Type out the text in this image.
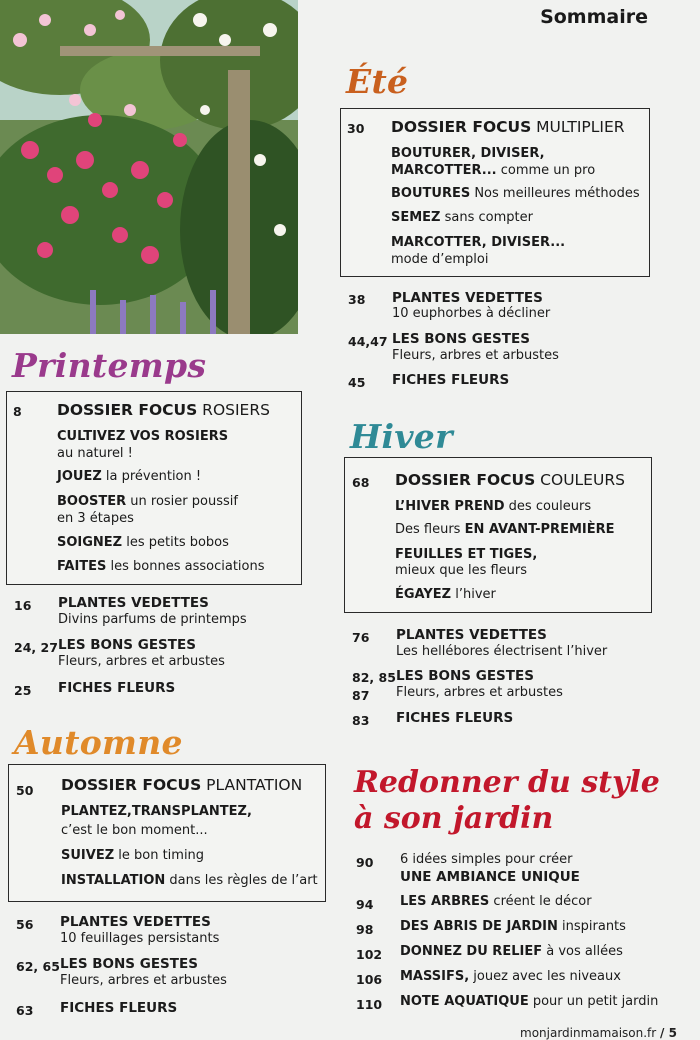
Sommaire
Été
30 DOSSIER FOCUS MULTIPLIER
BOUTURER, DIVISER,
MARCOTTER... comme un pro
BOUTURES Nos meilleures méthodes
SEMEZ sans compter
MARCOTTER, DIVISER...
mode d’emploi
38 PLANTES VEDETTES
10 euphorbes à décliner
44,47 LES BONS GESTES
Fleurs, arbres et arbustes
45 FICHES FLEURS
Printemps
8 DOSSIER FOCUS ROSIERS
CULTIVEZ VOS ROSIERS
au naturel !
JOUEZ la prévention !
BOOSTER un rosier poussif
en 3 étapes
SOIGNEZ les petits bobos
FAITES les bonnes associations
16 PLANTES VEDETTES
Divins parfums de printemps
24, 27 LES BONS GESTES
Fleurs, arbres et arbustes
25 FICHES FLEURS
Hiver
68 DOSSIER FOCUS COULEURS
L’HIVER PREND des couleurs
Des fleurs EN AVANT-PREMIÈRE
FEUILLES ET TIGES,
mieux que les fleurs
ÉGAYEZ l’hiver
76 PLANTES VEDETTES
Les hellébores électrisent l’hiver
82, 85
87
LES BONS GESTES
Fleurs, arbres et arbustes
83 FICHES FLEURS
Automne
50 DOSSIER FOCUS PLANTATION
PLANTEZ,TRANSPLANTEZ,
c’est le bon moment...
SUIVEZ le bon timing
INSTALLATION dans les règles de l’art
56 PLANTES VEDETTES
10 feuillages persistants
62, 65 LES BONS GESTES
Fleurs, arbres et arbustes
63 FICHES FLEURS
Redonner du style
à son jardin
90 6 idées simples pour créer
UNE AMBIANCE UNIQUE
94 LES ARBRES créent le décor
98 DES ABRIS DE JARDIN inspirants
102 DONNEZ DU RELIEF à vos allées
106 MASSIFS, jouez avec les niveaux
110 NOTE AQUATIQUE pour un petit jardin
monjardinmamaison.fr / 5
